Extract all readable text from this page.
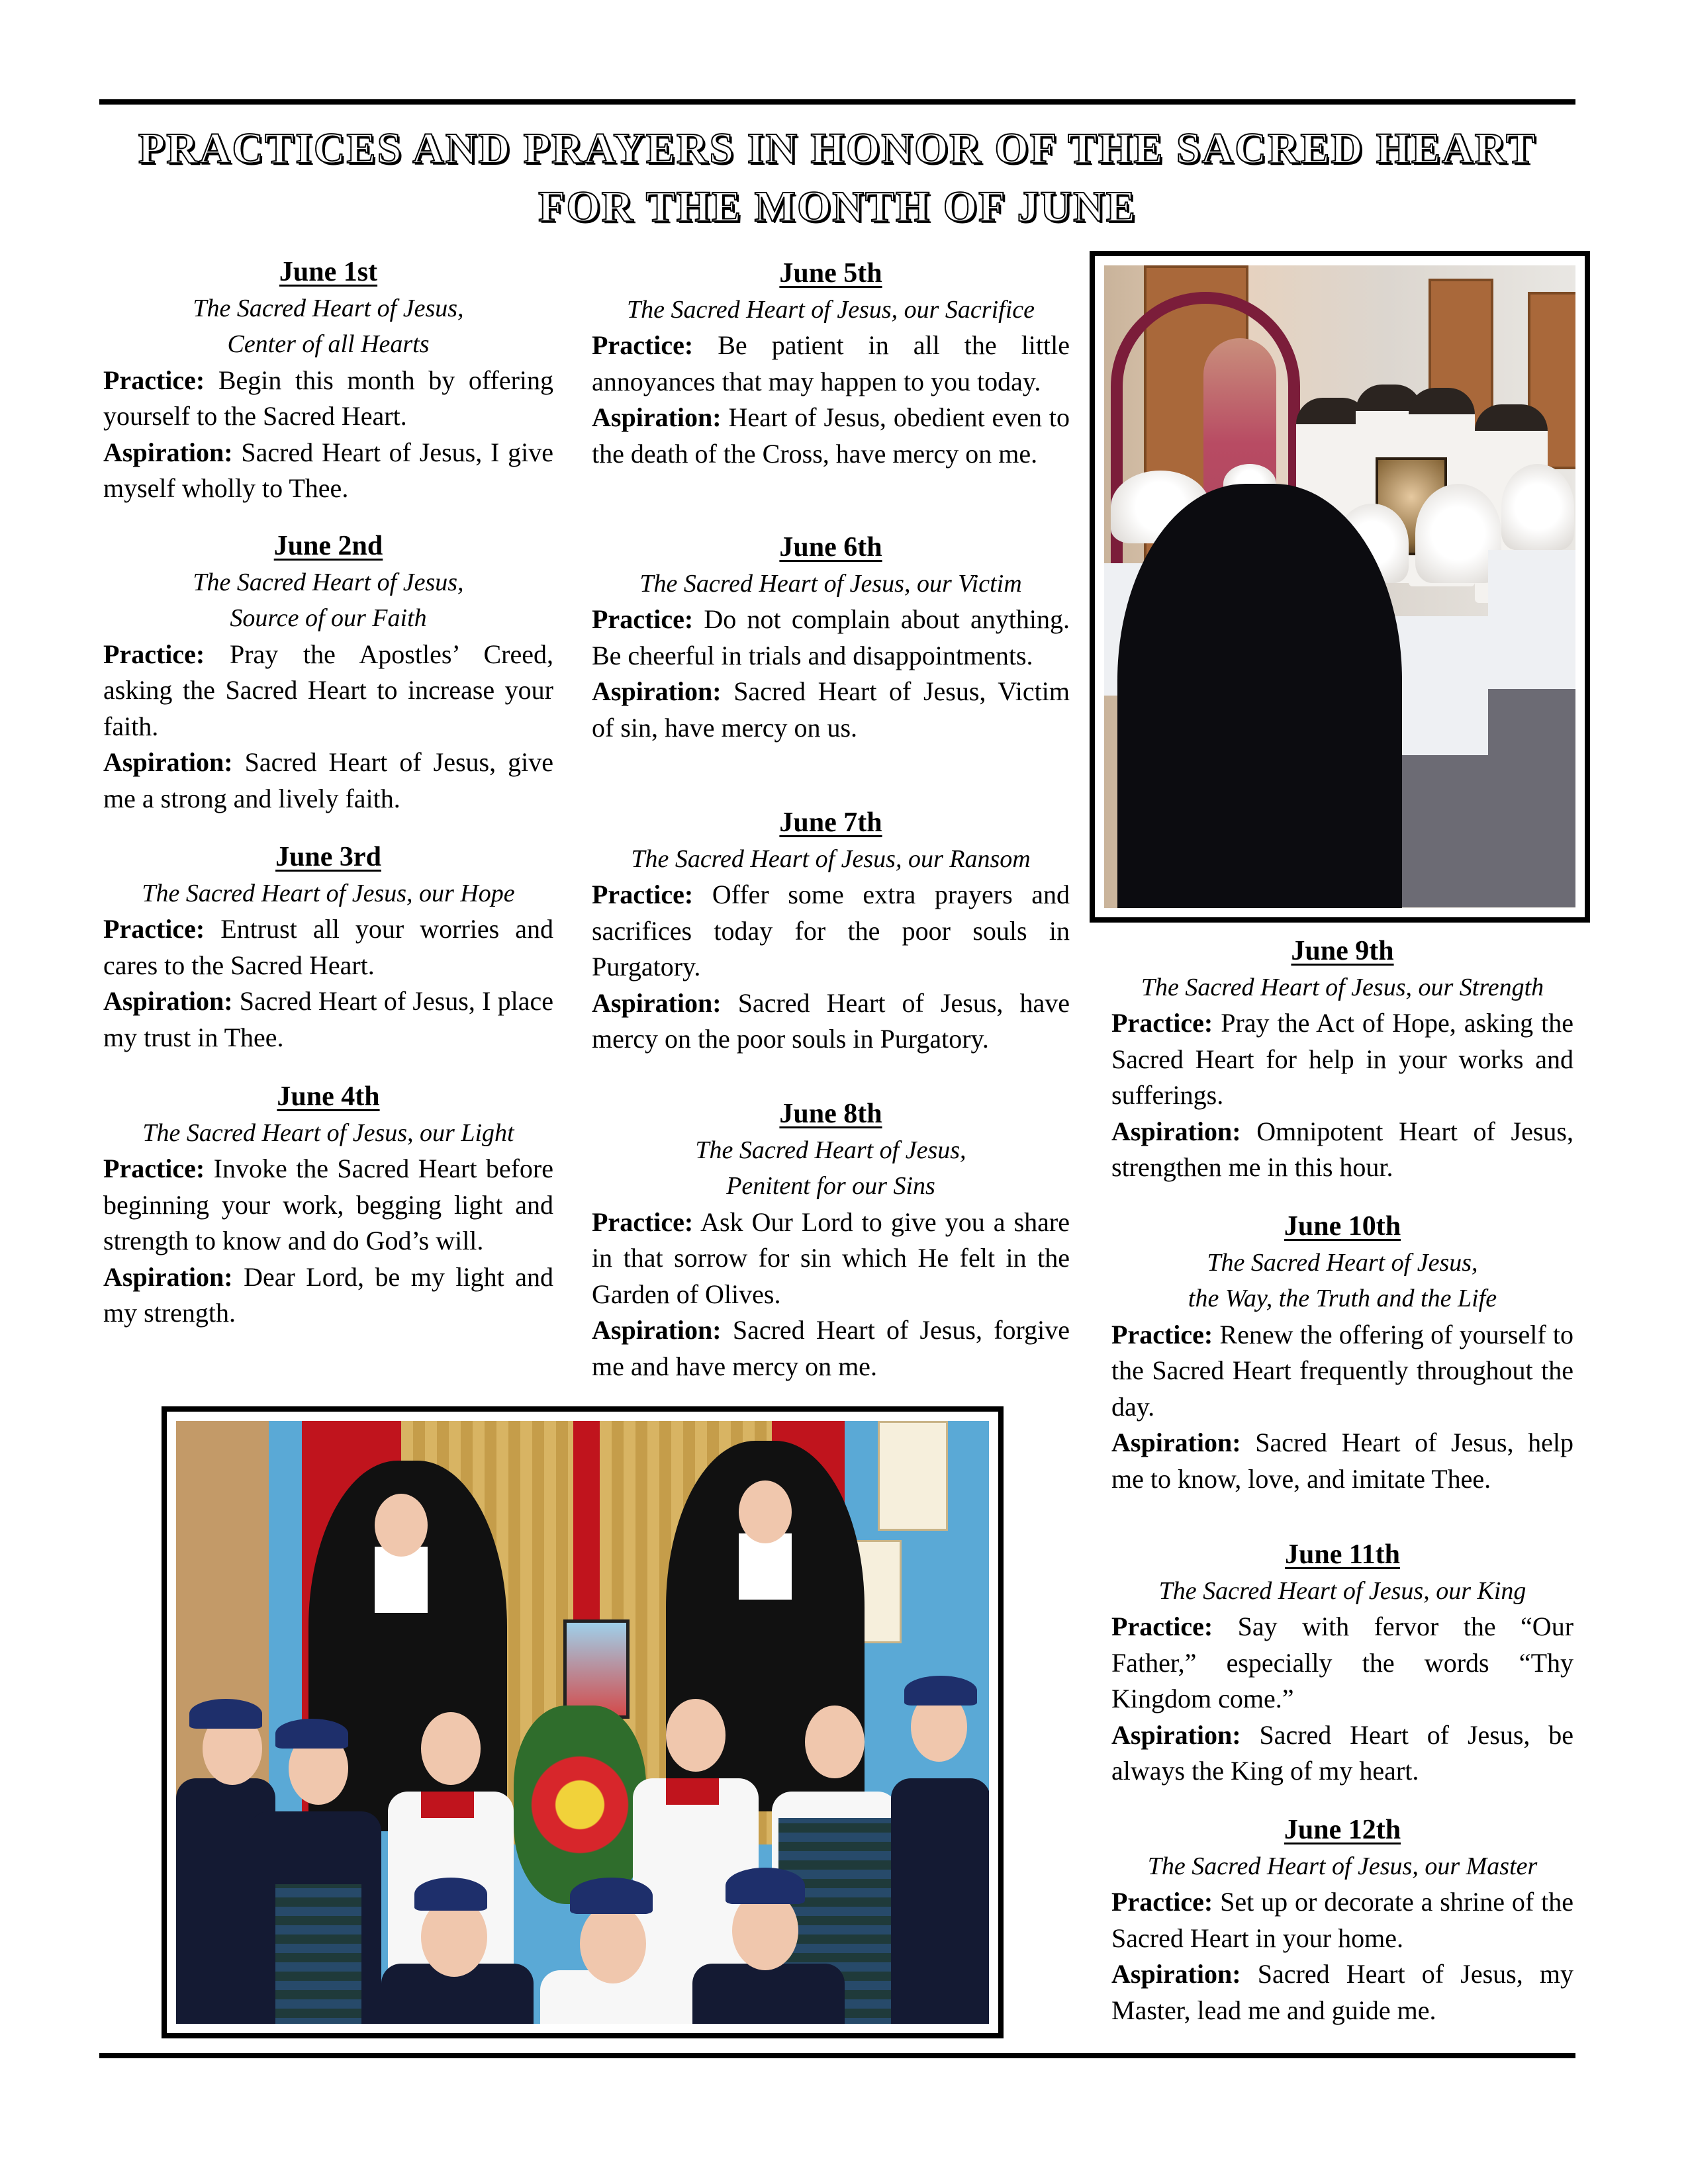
PRACTICES AND PRAYERS IN HONOR OF THE SACRED HEART
FOR THE MONTH OF JUNE
June 1st
The Sacred Heart of Jesus,
Center of all Hearts
Practice: Begin this month by offering yourself to the Sacred Heart.
Aspiration: Sacred Heart of Jesus, I give myself wholly to Thee.
June 2nd
The Sacred Heart of Jesus,
Source of our Faith
Practice: Pray the Apostles’ Creed, asking the Sacred Heart to increase your faith.
Aspiration: Sacred Heart of Jesus, give me a strong and lively faith.
June 3rd
The Sacred Heart of Jesus, our Hope
Practice: Entrust all your worries and cares to the Sacred Heart.
Aspiration: Sacred Heart of Jesus, I place my trust in Thee.
June 4th
The Sacred Heart of Jesus, our Light
Practice: Invoke the Sacred Heart before beginning your work, begging light and strength to know and do God’s will.
Aspiration: Dear Lord, be my light and my strength.
June 5th
The Sacred Heart of Jesus, our Sacrifice
Practice: Be patient in all the little annoyances that may happen to you today.
Aspiration: Heart of Jesus, obedient even to the death of the Cross, have mercy on me.
June 6th
The Sacred Heart of Jesus, our Victim
Practice: Do not complain about anything. Be cheerful in trials and disappointments.
Aspiration: Sacred Heart of Jesus, Victim of sin, have mercy on us.
June 7th
The Sacred Heart of Jesus, our Ransom
Practice: Offer some extra prayers and sacrifices today for the poor souls in Purgatory.
Aspiration: Sacred Heart of Jesus, have mercy on the poor souls in Purgatory.
June 8th
The Sacred Heart of Jesus,
Penitent for our Sins
Practice: Ask Our Lord to give you a share in that sorrow for sin which He felt in the Garden of Olives.
Aspiration: Sacred Heart of Jesus, forgive me and have mercy on me.
June 9th
The Sacred Heart of Jesus, our Strength
Practice: Pray the Act of Hope, asking the Sacred Heart for help in your works and sufferings.
Aspiration: Omnipotent Heart of Jesus, strengthen me in this hour.
June 10th
The Sacred Heart of Jesus,
the Way, the Truth and the Life
Practice: Renew the offering of yourself to the Sacred Heart frequently throughout the day.
Aspiration: Sacred Heart of Jesus, help me to know, love, and imitate Thee.
June 11th
The Sacred Heart of Jesus, our King
Practice: Say with fervor the “Our Father,” especially the words “Thy Kingdom come.”
Aspiration: Sacred Heart of Jesus, be always the King of my heart.
June 12th
The Sacred Heart of Jesus, our Master
Practice: Set up or decorate a shrine of the Sacred Heart in your home.
Aspiration: Sacred Heart of Jesus, my Master, lead me and guide me.
